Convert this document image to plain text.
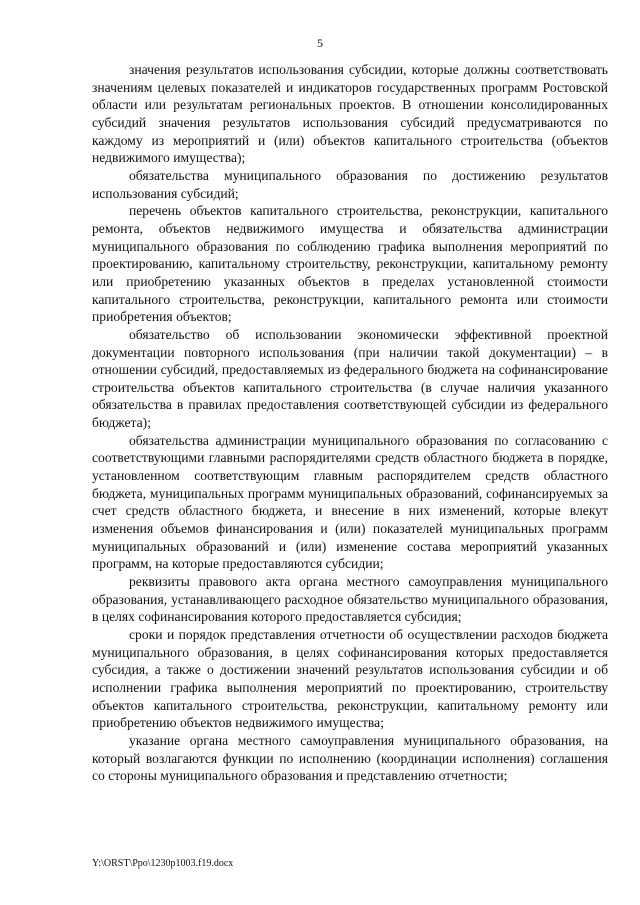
5

значения результатов использования субсидии, которые должны соответствовать значениям целевых показателей и индикаторов государственных программ Ростовской области или результатам региональных проектов. В отношении консолидированных субсидий значения результатов использования субсидий предусматриваются по каждому из мероприятий и (или) объектов капитального строительства (объектов недвижимого имущества);

обязательства муниципального образования по достижению результатов использования субсидий;

перечень объектов капитального строительства, реконструкции, капитального ремонта, объектов недвижимого имущества и обязательства администрации муниципального образования по соблюдению графика выполнения мероприятий по проектированию, капитальному строительству, реконструкции, капитальному ремонту или приобретению указанных объектов в пределах установленной стоимости капитального строительства, реконструкции, капитального ремонта или стоимости приобретения объектов;

обязательство об использовании экономически эффективной проектной документации повторного использования (при наличии такой документации) – в отношении субсидий, предоставляемых из федерального бюджета на софинансирование строительства объектов капитального строительства (в случае наличия указанного обязательства в правилах предоставления соответствующей субсидии из федерального бюджета);

обязательства администрации муниципального образования по согласованию с соответствующими главными распорядителями средств областного бюджета в порядке, установленном соответствующим главным распорядителем средств областного бюджета, муниципальных программ муниципальных образований, софинансируемых за счет средств областного бюджета, и внесение в них изменений, которые влекут изменения объемов финансирования и (или) показателей муниципальных программ муниципальных образований и (или) изменение состава мероприятий указанных программ, на которые предоставляются субсидии;

реквизиты правового акта органа местного самоуправления муниципального образования, устанавливающего расходное обязательство муниципального образования, в целях софинансирования которого предоставляется субсидия;

сроки и порядок представления отчетности об осуществлении расходов бюджета муниципального образования, в целях софинансирования которых предоставляется субсидия, а также о достижении значений результатов использования субсидии и об исполнении графика выполнения мероприятий по проектированию, строительству объектов капитального строительства, реконструкции, капитальному ремонту или приобретению объектов недвижимого имущества;

указание органа местного самоуправления муниципального образования, на который возлагаются функции по исполнению (координации исполнения) соглашения со стороны муниципального образования и представлению отчетности;

Y:\ORST\Ppo\1230p1003.f19.docx
